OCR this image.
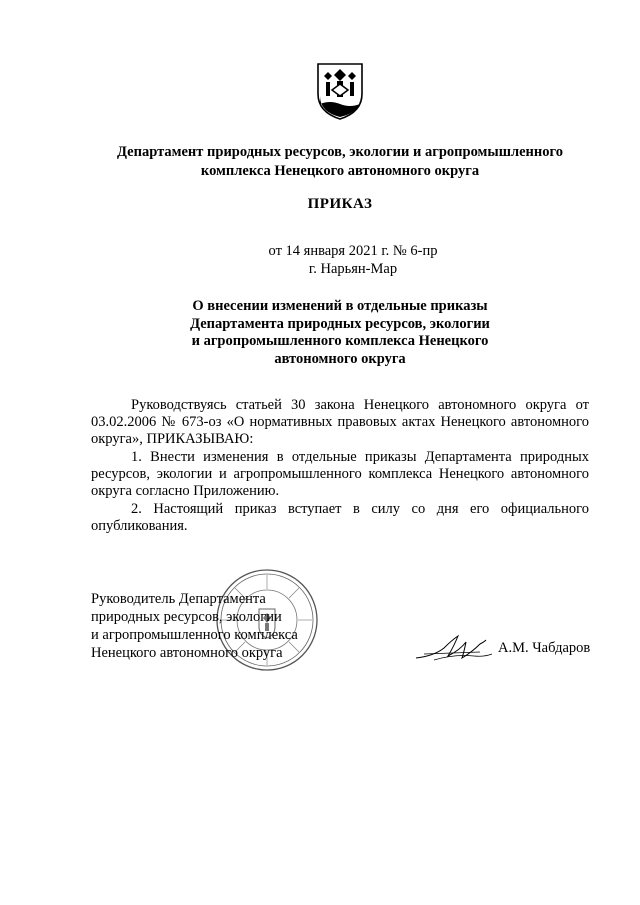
Департамент природных ресурсов, экологии и агропромышленного
комплекса Ненецкого автономного округа
ПРИКАЗ
от 14 января 2021 г. № 6-пр
г. Нарьян-Мар
О внесении изменений в отдельные приказы
Департамента природных ресурсов, экологии
и агропромышленного комплекса Ненецкого
автономного округа

Руководствуясь статьей 30 закона Ненецкого автономного округа от 03.02.2006 № 673-оз «О нормативных правовых актах Ненецкого автономного округа», ПРИКАЗЫВАЮ:

1. Внести изменения в отдельные приказы Департамента природных ресурсов, экологии и агропромышленного комплекса Ненецкого автономного округа согласно Приложению.

2. Настоящий приказ вступает в силу со дня его официального опубликования.

Руководитель Департамента
природных ресурсов, экологии
и агропромышленного комплекса
Ненецкого автономного округа	А.М. Чабдаров
